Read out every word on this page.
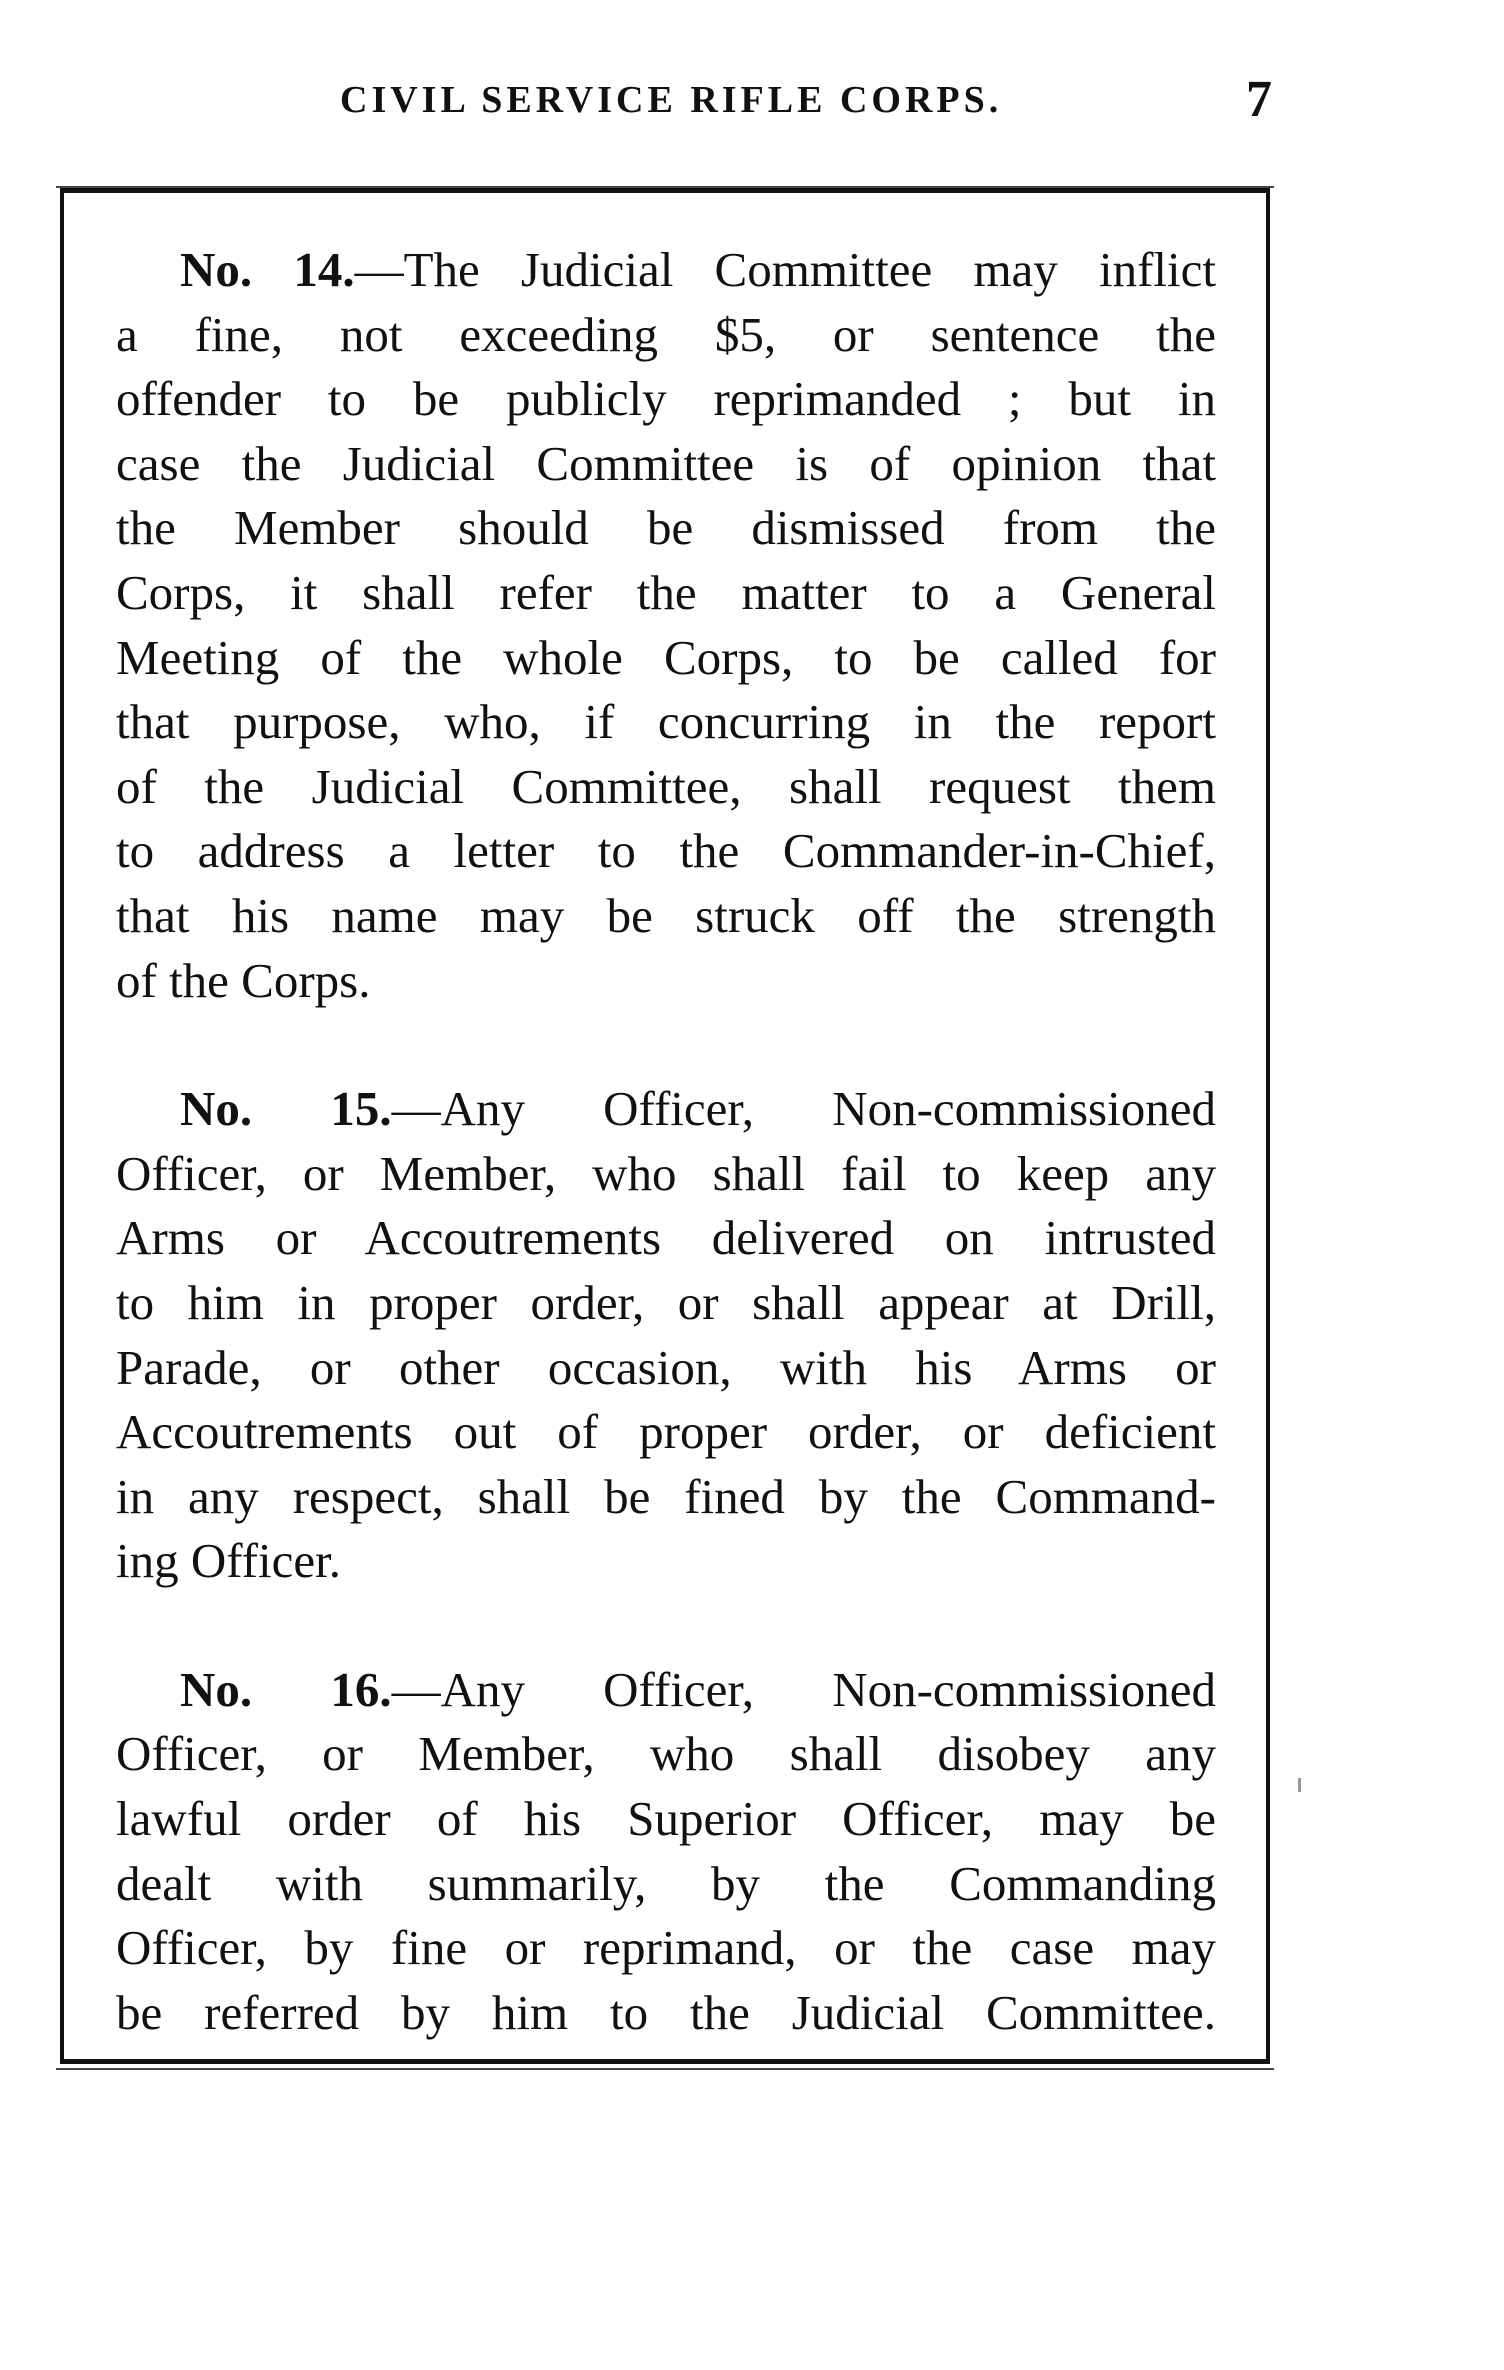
CIVIL SERVICE RIFLE CORPS.	7

No. 14.—The Judicial Committee may inflict
a fine, not exceeding $5, or sentence the
offender to be publicly reprimanded ; but in
case the Judicial Committee is of opinion that
the Member should be dismissed from the
Corps, it shall refer the matter to a General
Meeting of the whole Corps, to be called for
that purpose, who, if concurring in the report
of the Judicial Committee, shall request them
to address a letter to the Commander-in-Chief,
that his name may be struck off the strength
of the Corps.

No. 15.—Any Officer, Non-commissioned
Officer, or Member, who shall fail to keep any
Arms or Accoutrements delivered on intrusted
to him in proper order, or shall appear at Drill,
Parade, or other occasion, with his Arms or
Accoutrements out of proper order, or deficient
in any respect, shall be fined by the Command-
ing Officer.

No. 16.—Any Officer, Non-commissioned
Officer, or Member, who shall disobey any
lawful order of his Superior Officer, may be
dealt with summarily, by the Commanding
Officer, by fine or reprimand, or the case may
be referred by him to the Judicial Committee.
